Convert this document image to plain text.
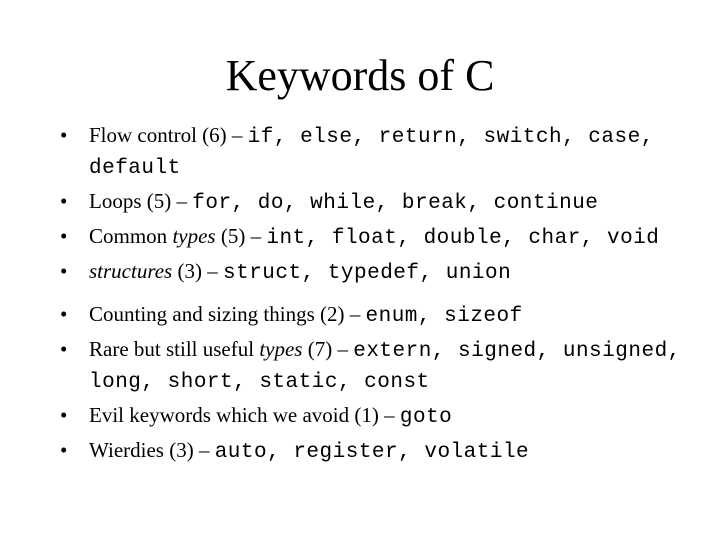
Keywords of C
• Flow control (6) – if, else, return, switch, case, default
• Loops (5) – for, do, while, break, continue
• Common types (5) – int, float, double, char, void
• structures (3) – struct, typedef, union
• Counting and sizing things (2) – enum, sizeof
• Rare but still useful types (7) – extern, signed, unsigned, long, short, static, const
• Evil keywords which we avoid (1) – goto
• Wierdies (3) – auto, register, volatile
